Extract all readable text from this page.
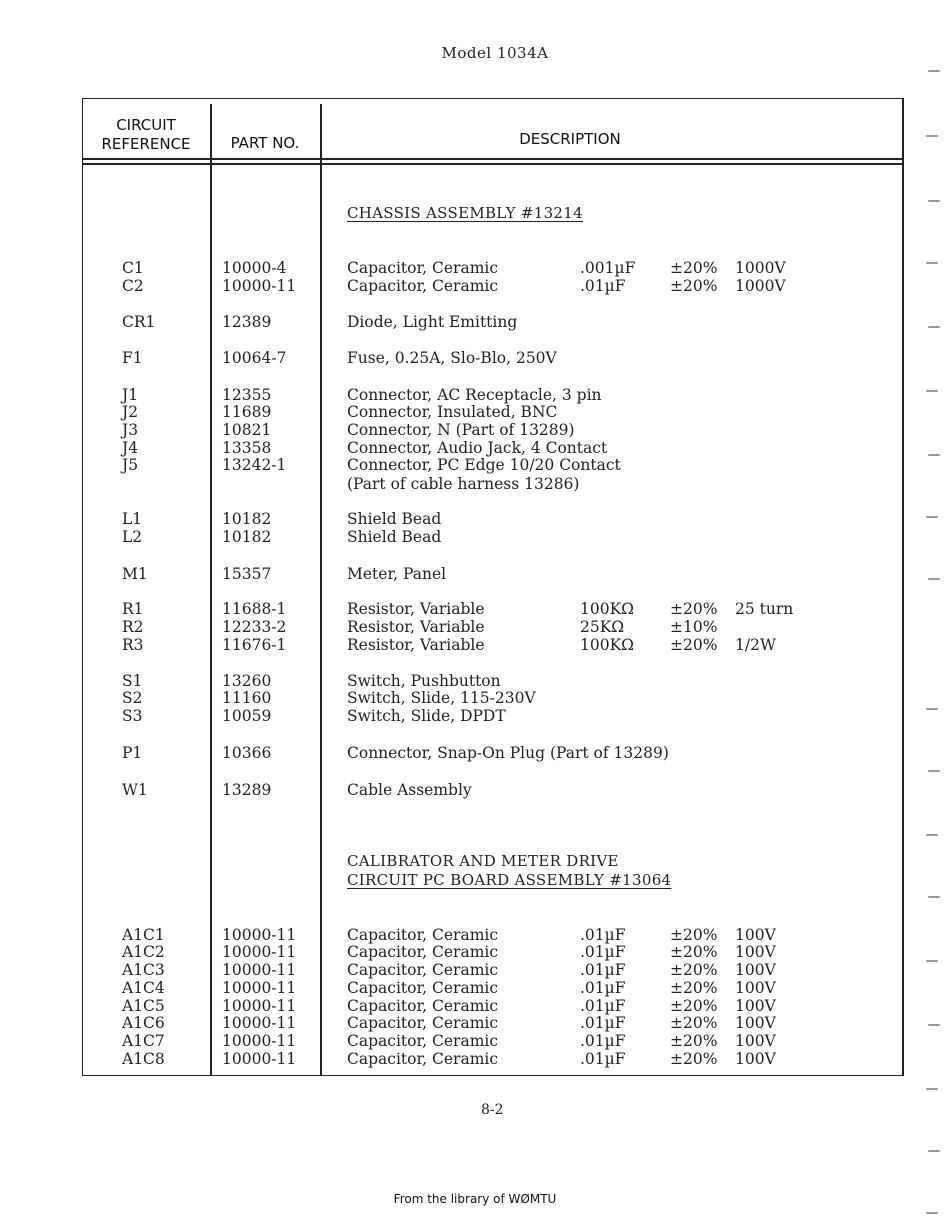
Model 1034A
CIRCUIT
REFERENCE	PART NO.	DESCRIPTION
CHASSIS ASSEMBLY #13214
CALIBRATOR AND METER DRIVE
CIRCUIT PC BOARD ASSEMBLY #13064
C1	10000-4	Capacitor, Ceramic	.001µF ±20% 1000V
C2	10000-11	Capacitor, Ceramic	.01µF	±20% 1000V
CR1	12389	Diode, Light Emitting
F1	10064-7	Fuse, 0.25A, Slo-Blo, 250V
J1	12355	Connector, AC Receptacle, 3 pin
J2	11689	Connector, Insulated, BNC
J3	10821	Connector, N (Part of 13289)
J4	13358	Connector, Audio Jack, 4 Contact
J5	13242-1	Connector, PC Edge 10/20 Contact
(Part of cable harness 13286)
L1	10182	Shield Bead
L2	10182	Shield Bead
M1	15357	Meter, Panel
R1	11688-1	Resistor, Variable	100KΩ ±20% 25 turn
R2	12233-2	Resistor, Variable	25KΩ	±10%
R3	11676-1	Resistor, Variable	100KΩ ±20% 1/2W
S1	13260	Switch, Pushbutton
S2	11160	Switch, Slide, 115-230V
S3	10059	Switch, Slide, DPDT
P1	10366	Connector, Snap-On Plug (Part of 13289)
W1	13289	Cable Assembly
A1C1	10000-11	Capacitor, Ceramic	.01µF	±20% 100V
A1C2	10000-11	Capacitor, Ceramic	.01µF	±20% 100V
A1C3	10000-11	Capacitor, Ceramic	.01µF	±20% 100V
A1C4	10000-11	Capacitor, Ceramic	.01µF	±20% 100V
A1C5	10000-11	Capacitor, Ceramic	.01µF	±20% 100V
A1C6	10000-11	Capacitor, Ceramic	.01µF	±20% 100V
A1C7	10000-11	Capacitor, Ceramic	.01µF	±20% 100V
A1C8	10000-11	Capacitor, Ceramic	.01µF	±20% 100V
8-2
From the library of WØMTU
